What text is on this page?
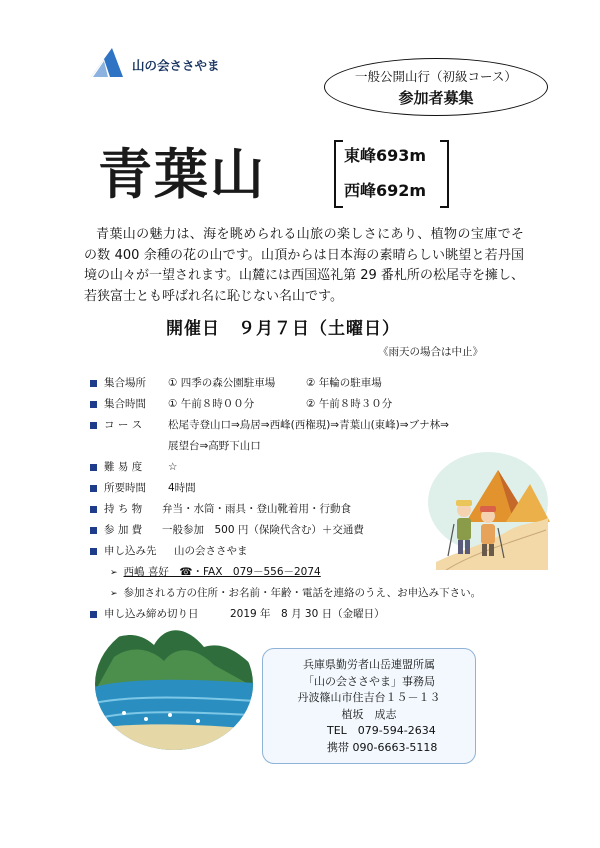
山の会ささやま
一般公開山行（初級コース）
参加者募集
青葉山	東峰693m
西峰692m
青葉山の魅力は、海を眺められる山旅の楽しさにあり、植物の宝庫でその数 400 余種の花の山です。山頂からは日本海の素晴らしい眺望と若丹国境の山々が一望されます。山麓には西国巡礼第 29 番札所の松尾寺を擁し、若狭富士とも呼ばれ名に恥じない名山です。
開催日　９月７日（土曜日）
《雨天の場合は中止》
集合場所 ① 四季の森公園駐車場	② 年輪の駐車場
集合時間 ① 午前８時００分	② 午前８時３０分
コ ー ス 松尾寺登山口⇒鳥居⇒西峰(西権現)⇒青葉山(東峰)⇒ブナ林⇒
展望台⇒高野下山口
難 易 度 ☆
所要時間 4時間
持 ち 物 弁当・水筒・雨具・登山靴着用・行動食
参 加 費 一般参加　500 円（保険代含む）＋交通費
申し込み先 山の会ささやま
➢ 西嶋 喜好　☎・FAX　079－556－2074
➢ 参加される方の住所・お名前・年齢・電話を連絡のうえ、お申込み下さい。
申し込み締め切り日	2019 年　8 月 30 日（金曜日）
兵庫県勤労者山岳連盟所属
「山の会ささやま」事務局
丹波篠山市住吉台１５－１３
植坂　成志
TEL　079-594-2634
携帯 090-6663-5118
